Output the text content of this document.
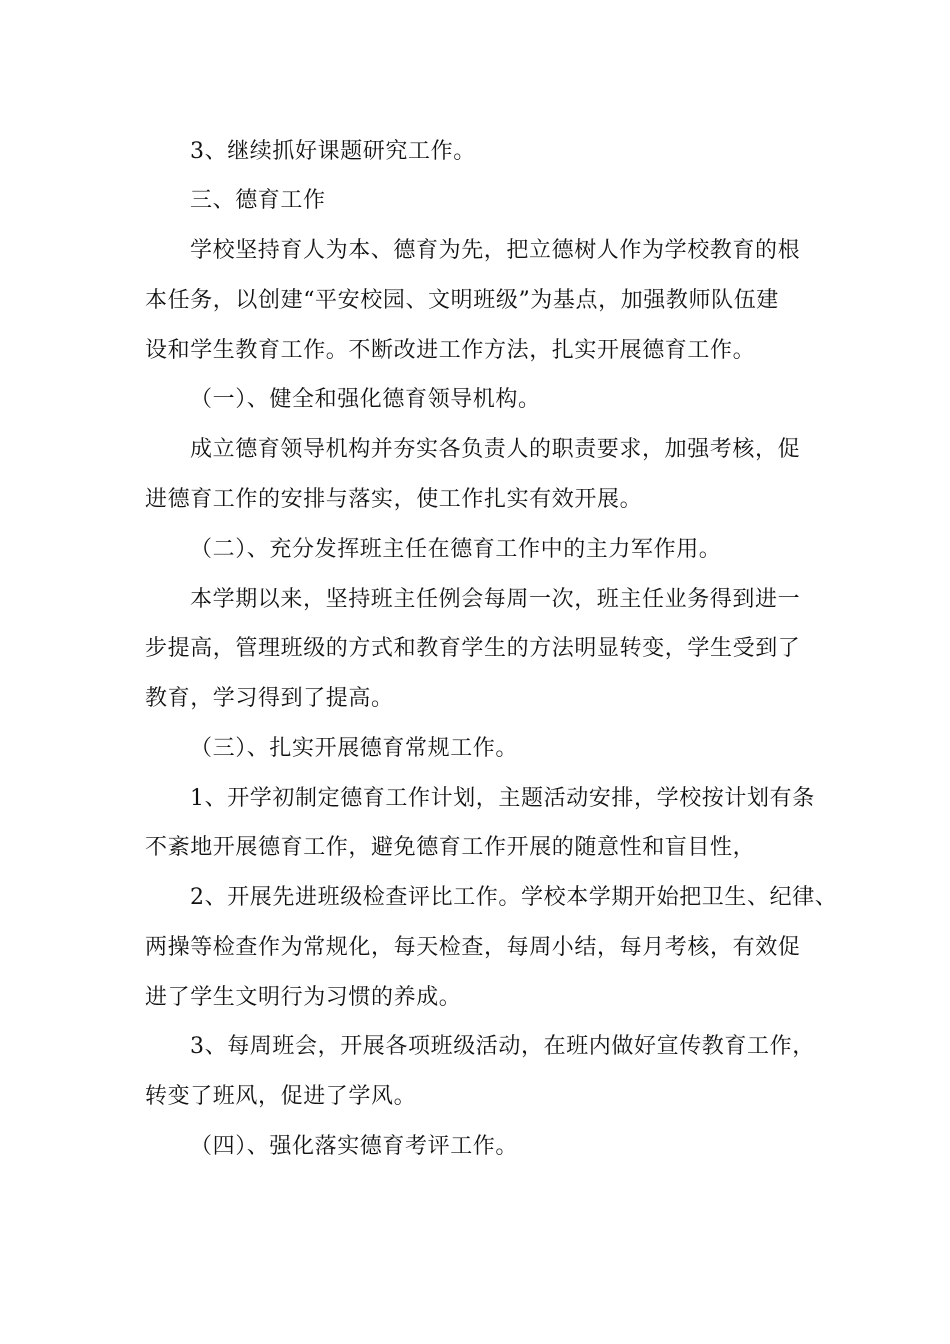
3、继续抓好课题研究工作。
三、德育工作
学校坚持育人为本、德育为先，把立德树人作为学校教育的根
本任务，以创建“平安校园、文明班级”为基点，加强教师队伍建
设和学生教育工作。不断改进工作方法，扎实开展德育工作。
（一）、健全和强化德育领导机构。
成立德育领导机构并夯实各负责人的职责要求，加强考核，促
进德育工作的安排与落实，使工作扎实有效开展。
（二）、充分发挥班主任在德育工作中的主力军作用。
本学期以来，坚持班主任例会每周一次，班主任业务得到进一
步提高，管理班级的方式和教育学生的方法明显转变，学生受到了
教育，学习得到了提高。
（三）、扎实开展德育常规工作。
1、开学初制定德育工作计划，主题活动安排，学校按计划有条
不紊地开展德育工作，避免德育工作开展的随意性和盲目性，
2、开展先进班级检查评比工作。学校本学期开始把卫生、纪律、
两操等检查作为常规化，每天检查，每周小结，每月考核，有效促
进了学生文明行为习惯的养成。
3、每周班会，开展各项班级活动，在班内做好宣传教育工作，
转变了班风，促进了学风。
（四）、强化落实德育考评工作。
